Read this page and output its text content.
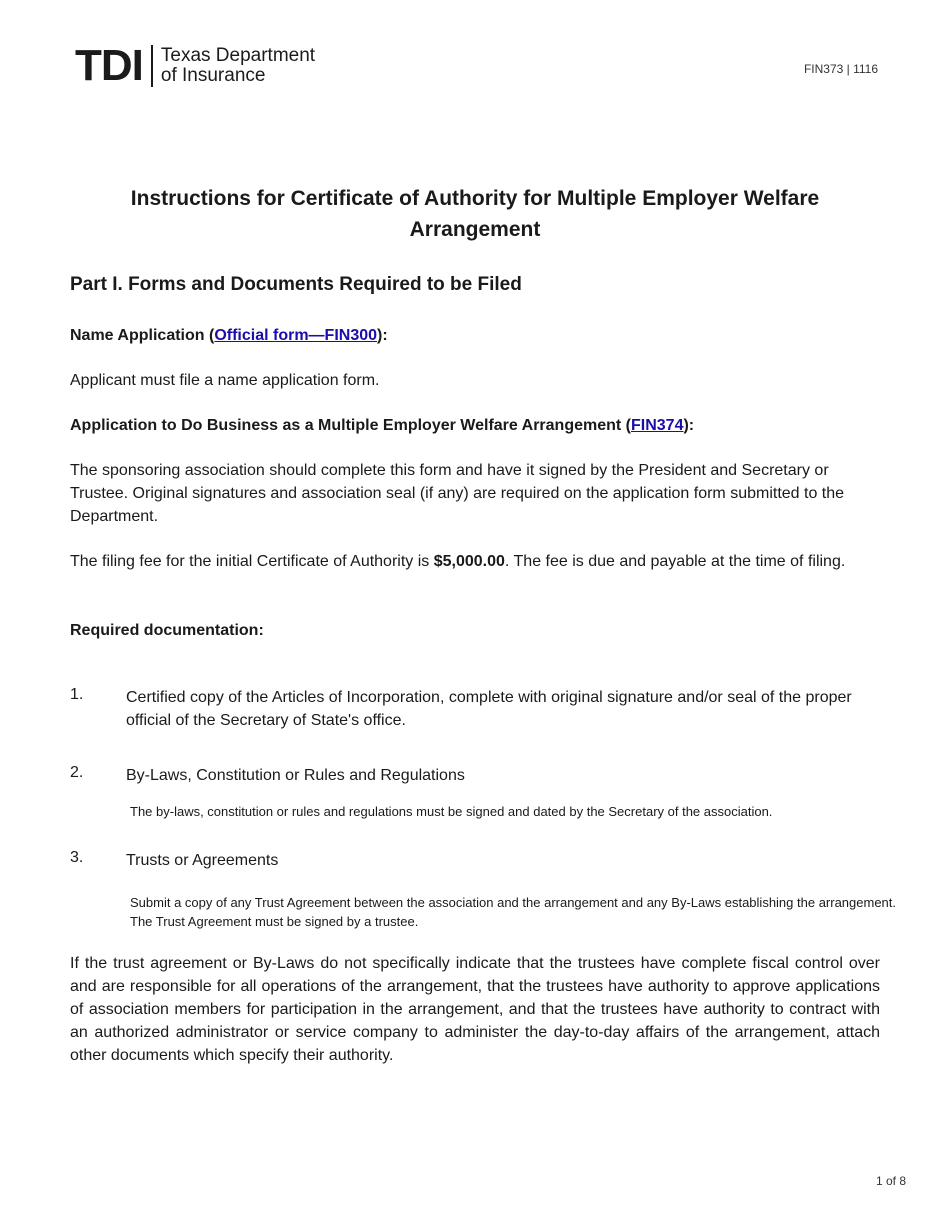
TDI Texas Department
of Insurance	FIN373 | 1116
Instructions for Certificate of Authority for Multiple Employer Welfare
Arrangement
Part I. Forms and Documents Required to be Filed
Name Application (Official form—FIN300):
Applicant must file a name application form.
Application to Do Business as a Multiple Employer Welfare Arrangement (FIN374):
The sponsoring association should complete this form and have it signed by the President and Secretary or Trustee. Original signatures and association seal (if any) are required on the application form submitted to the Department.
The filing fee for the initial Certificate of Authority is $5,000.00. The fee is due and payable at the time of filing.
Required documentation:
1.	Certified copy of the Articles of Incorporation, complete with original signature and/or seal of the proper official of the Secretary of State's office.
2.	By-Laws, Constitution or Rules and Regulations
The by-laws, constitution or rules and regulations must be signed and dated by the Secretary of the association.
3.	Trusts or Agreements
Submit a copy of any Trust Agreement between the association and the arrangement and any By-Laws establishing the arrangement. The Trust Agreement must be signed by a trustee.
If the trust agreement or By-Laws do not specifically indicate that the trustees have complete fiscal control over and are responsible for all operations of the arrangement, that the trustees have authority to approve applications of association members for participation in the arrangement, and that the trustees have authority to contract with an authorized administrator or service company to administer the day-to-day affairs of the arrangement, attach other documents which specify their authority.
1 of 8
